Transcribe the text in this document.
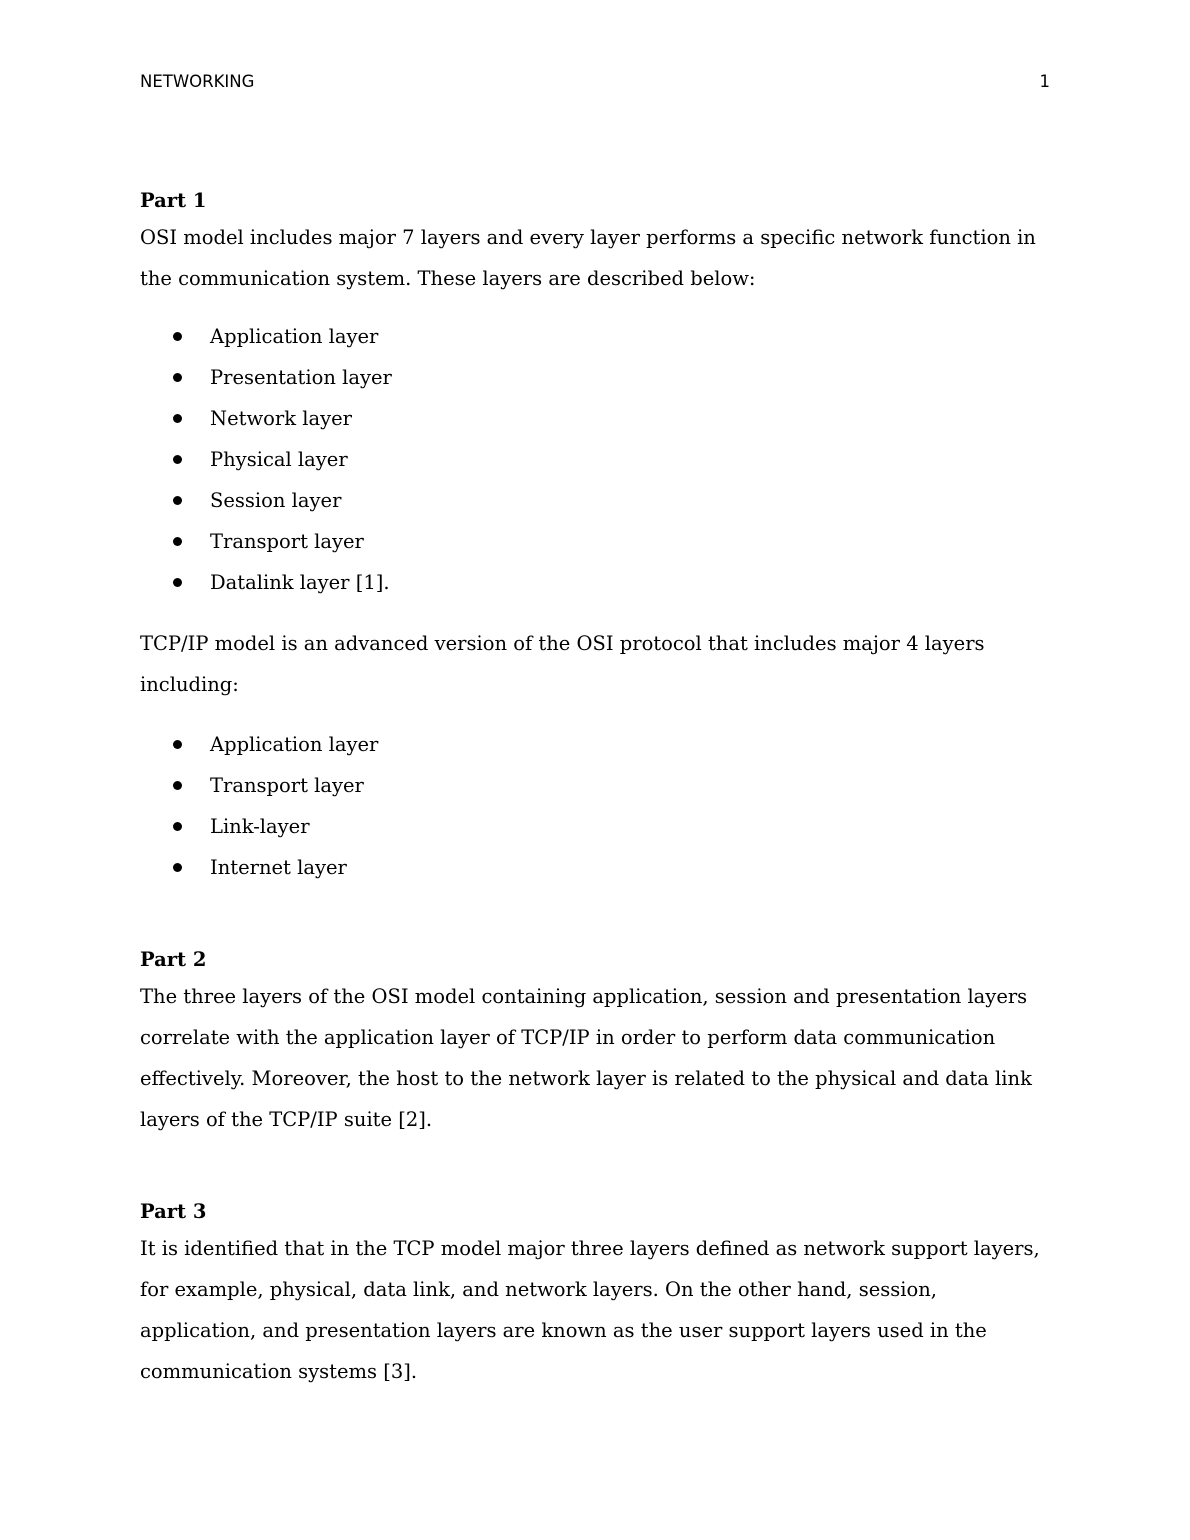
NETWORKING	1

Part 1

OSI model includes major 7 layers and every layer performs a specific network function in the communication system. These layers are described below:

Application layer
Presentation layer
Network layer
Physical layer
Session layer
Transport layer
Datalink layer [1].

TCP/IP model is an advanced version of the OSI protocol that includes major 4 layers including:

Application layer
Transport layer
Link-layer
Internet layer

Part 2

The three layers of the OSI model containing application, session and presentation layers correlate with the application layer of TCP/IP in order to perform data communication effectively. Moreover, the host to the network layer is related to the physical and data link layers of the TCP/IP suite [2].

Part 3

It is identified that in the TCP model major three layers defined as network support layers, for example, physical, data link, and network layers. On the other hand, session, application, and presentation layers are known as the user support layers used in the communication systems [3].
